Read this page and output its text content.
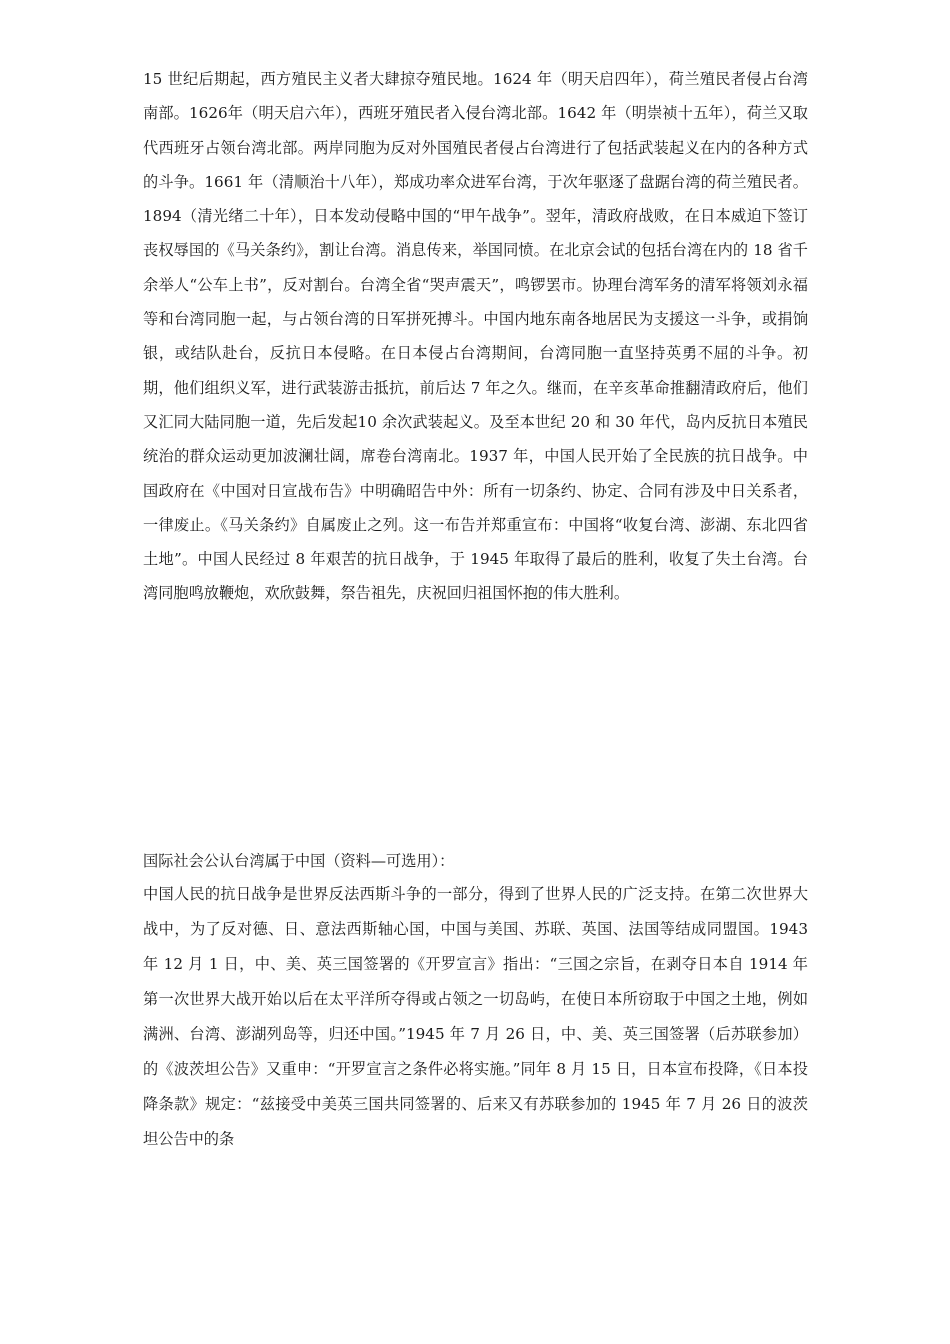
15 世纪后期起，西方殖民主义者大肆掠夺殖民地。1624 年（明天启四年），荷兰殖民者侵占台湾南部。1626年（明天启六年），西班牙殖民者入侵台湾北部。1642 年（明崇祯十五年），荷兰又取代西班牙占领台湾北部。两岸同胞为反对外国殖民者侵占台湾进行了包括武装起义在内的各种方式的斗争。1661 年（清顺治十八年），郑成功率众进军台湾，于次年驱逐了盘踞台湾的荷兰殖民者。1894（清光绪二十年），日本发动侵略中国的“甲午战争”。翌年，清政府战败，在日本威迫下签订丧权辱国的《马关条约》，割让台湾。消息传来，举国同愤。在北京会试的包括台湾在内的 18 省千余举人“公车上书”，反对割台。台湾全省“哭声震天”，鸣锣罢市。协理台湾军务的清军将领刘永福等和台湾同胞一起，与占领台湾的日军拼死搏斗。中国内地东南各地居民为支援这一斗争，或捐饷银，或结队赴台，反抗日本侵略。在日本侵占台湾期间，台湾同胞一直坚持英勇不屈的斗争。初期，他们组织义军，进行武装游击抵抗，前后达 7 年之久。继而，在辛亥革命推翻清政府后，他们又汇同大陆同胞一道，先后发起10 余次武装起义。及至本世纪 20 和 30 年代，岛内反抗日本殖民统治的群众运动更加波澜壮阔，席卷台湾南北。1937 年，中国人民开始了全民族的抗日战争。中国政府在《中国对日宣战布告》中明确昭告中外：所有一切条约、协定、合同有涉及中日关系者，一律废止。《马关条约》自属废止之列。这一布告并郑重宣布：中国将“收复台湾、澎湖、东北四省土地”。中国人民经过 8 年艰苦的抗日战争，于 1945 年取得了最后的胜利，收复了失土台湾。台湾同胞鸣放鞭炮，欢欣鼓舞，祭告祖先，庆祝回归祖国怀抱的伟大胜利。

国际社会公认台湾属于中国（资料—可选用）：

中国人民的抗日战争是世界反法西斯斗争的一部分，得到了世界人民的广泛支持。在第二次世界大战中，为了反对德、日、意法西斯轴心国，中国与美国、苏联、英国、法国等结成同盟国。1943 年 12 月 1 日，中、美、英三国签署的《开罗宣言》指出：“三国之宗旨，在剥夺日本自 1914 年第一次世界大战开始以后在太平洋所夺得或占领之一切岛屿，在使日本所窃取于中国之土地，例如满洲、台湾、澎湖列岛等，归还中国。”1945 年 7 月 26 日，中、美、英三国签署（后苏联参加）的《波茨坦公告》又重申：“开罗宣言之条件必将实施。”同年 8 月 15 日，日本宣布投降，《日本投降条款》规定：“兹接受中美英三国共同签署的、后来又有苏联参加的 1945 年 7 月 26 日的波茨坦公告中的条
